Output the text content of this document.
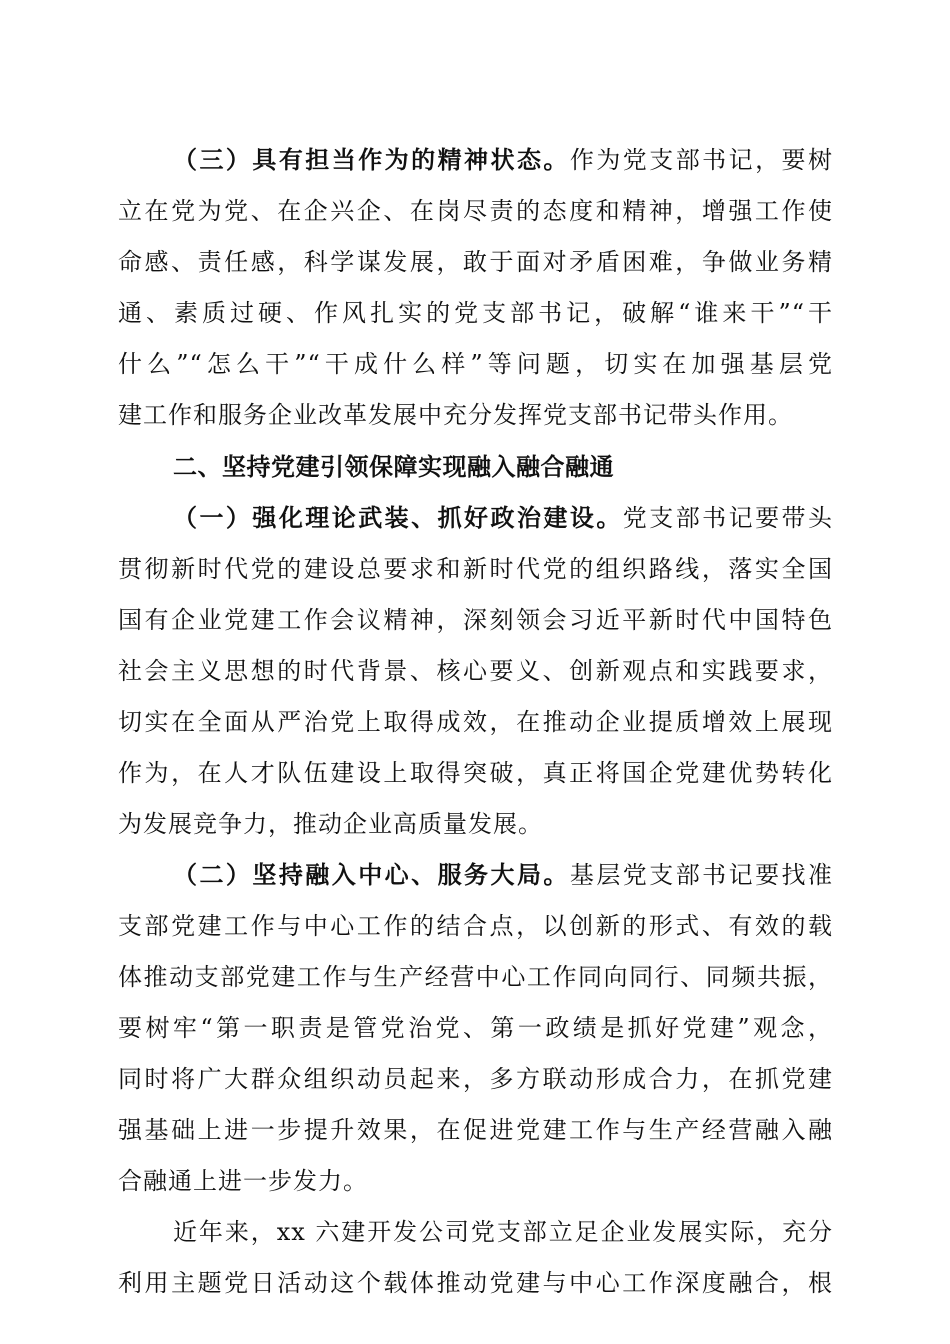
（三）具有担当作为的精神状态。作为党支部书记，要树
立在党为党、在企兴企、在岗尽责的态度和精神，增强工作使
命感、责任感，科学谋发展，敢于面对矛盾困难，争做业务精
通、素质过硬、作风扎实的党支部书记，破解“谁来干”“干
什么”“怎么干”“干成什么样”等问题，切实在加强基层党
建工作和服务企业改革发展中充分发挥党支部书记带头作用。
二、坚持党建引领保障实现融入融合融通
（一）强化理论武装、抓好政治建设。党支部书记要带头
贯彻新时代党的建设总要求和新时代党的组织路线，落实全国
国有企业党建工作会议精神，深刻领会习近平新时代中国特色
社会主义思想的时代背景、核心要义、创新观点和实践要求，
切实在全面从严治党上取得成效，在推动企业提质增效上展现
作为，在人才队伍建设上取得突破，真正将国企党建优势转化
为发展竞争力，推动企业高质量发展。
（二）坚持融入中心、服务大局。基层党支部书记要找准
支部党建工作与中心工作的结合点，以创新的形式、有效的载
体推动支部党建工作与生产经营中心工作同向同行、同频共振，
要树牢“第一职责是管党治党、第一政绩是抓好党建”观念，
同时将广大群众组织动员起来，多方联动形成合力，在抓党建
强基础上进一步提升效果，在促进党建工作与生产经营融入融
合融通上进一步发力。
近年来，xx 六建开发公司党支部立足企业发展实际，充分
利用主题党日活动这个载体推动党建与中心工作深度融合，根
